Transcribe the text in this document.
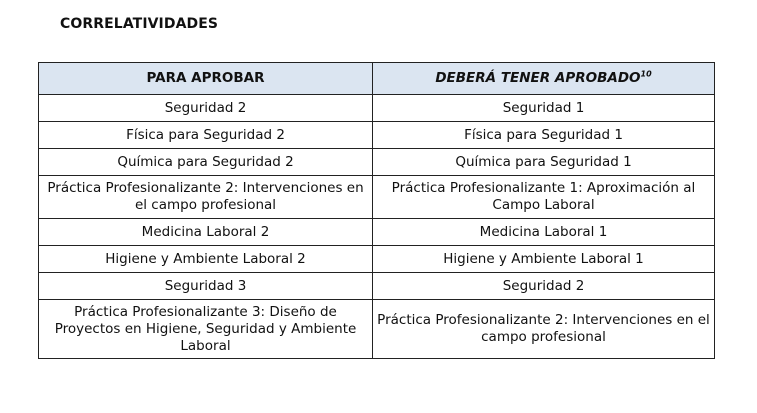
CORRELATIVIDADES
PARA APROBAR	DEBERÁ TENER APROBADO$^{10}$
Seguridad 2	Seguridad 1
Física para Seguridad 2	Física para Seguridad 1
Química para Seguridad 2	Química para Seguridad 1
Práctica Profesionalizante 2: Intervenciones en el campo profesional	Práctica Profesionalizante 1: Aproximación al Campo Laboral
Medicina Laboral 2	Medicina Laboral 1
Higiene y Ambiente Laboral 2	Higiene y Ambiente Laboral 1
Seguridad 3	Seguridad 2
Práctica Profesionalizante 3: Diseño de Proyectos en Higiene, Seguridad y Ambiente Laboral	Práctica Profesionalizante 2: Intervenciones en el campo profesional
